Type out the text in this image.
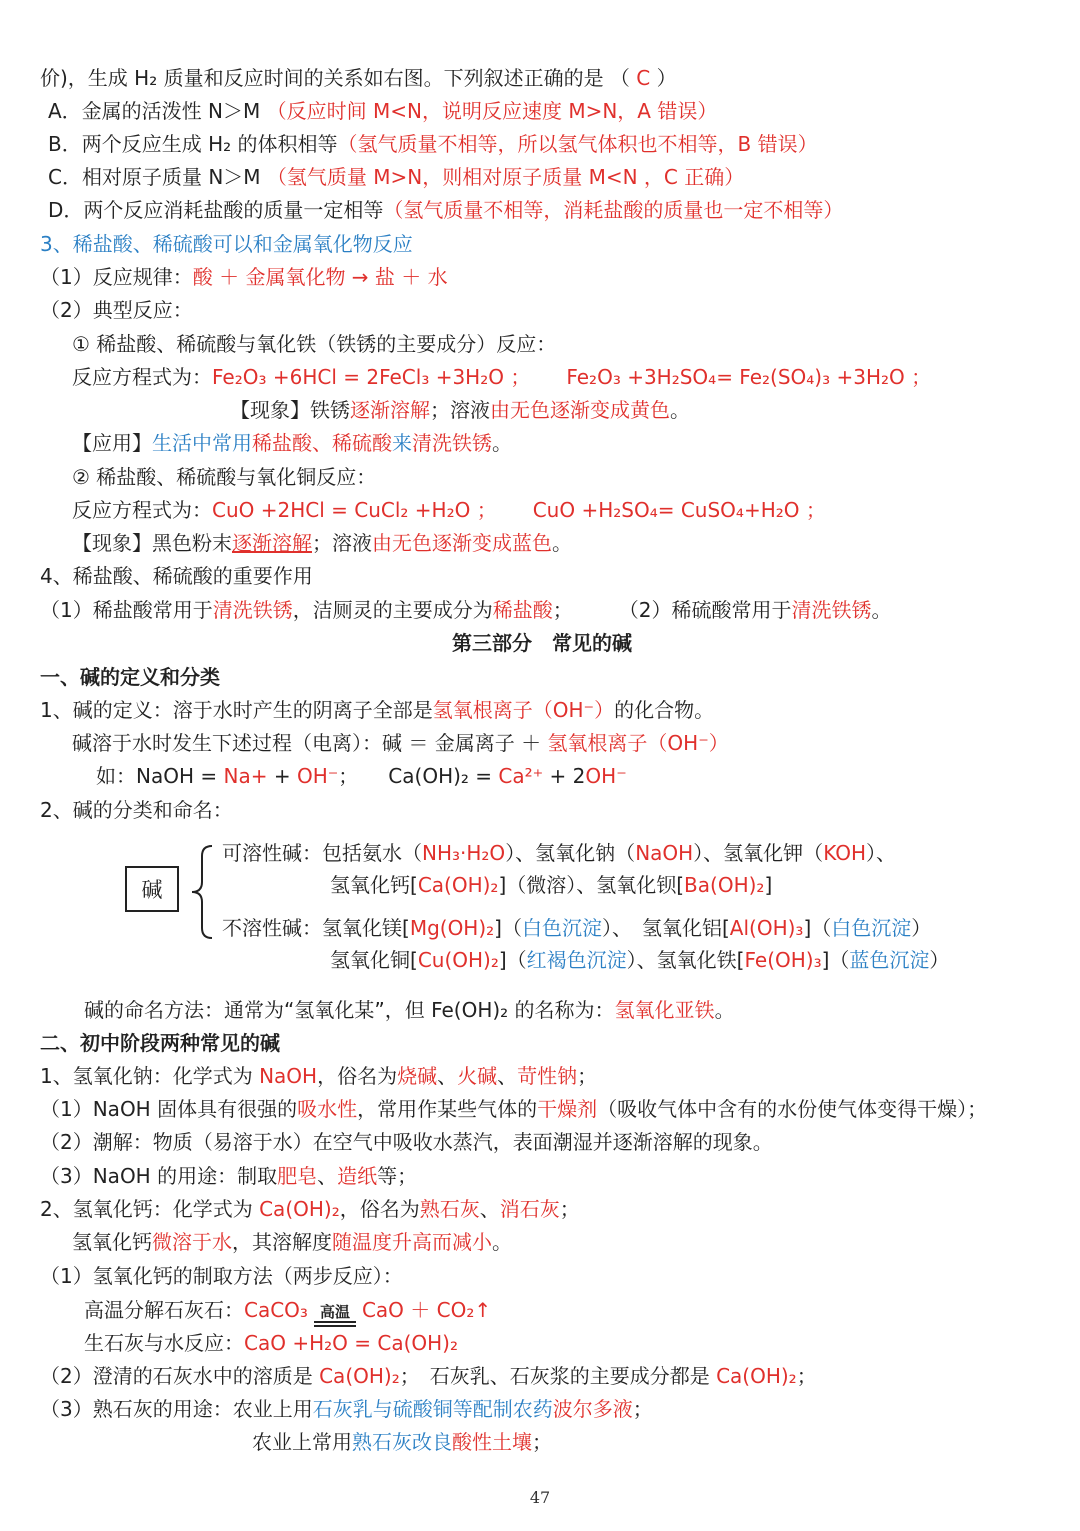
价)，生成 H₂ 质量和反应时间的关系如右图。下列叙述正确的是 （ C ）
A．金属的活泼性 N＞M （反应时间 M<N，说明反应速度 M>N，A 错误）
B．两个反应生成 H₂ 的体积相等（氢气质量不相等，所以氢气体积也不相等，B 错误）
C．相对原子质量 N＞M （氢气质量 M>N，则相对原子质量 M<N ，C 正确）
D．两个反应消耗盐酸的质量一定相等（氢气质量不相等，消耗盐酸的质量也一定不相等）
3、稀盐酸、稀硫酸可以和金属氧化物反应
（1）反应规律：酸 ＋ 金属氧化物 → 盐 ＋ 水
（2）典型反应：
① 稀盐酸、稀硫酸与氧化铁（铁锈的主要成分）反应：
反应方程式为：Fe₂O₃ +6HCl = 2FeCl₃ +3H₂O ； Fe₂O₃ +3H₂SO₄= Fe₂(SO₄)₃ +3H₂O ；
【现象】铁锈逐渐溶解；溶液由无色逐渐变成黄色。
【应用】生活中常用稀盐酸、稀硫酸来清洗铁锈。
② 稀盐酸、稀硫酸与氧化铜反应：
反应方程式为：CuO +2HCl = CuCl₂ +H₂O ； CuO +H₂SO₄= CuSO₄+H₂O ；
【现象】黑色粉末逐渐溶解；溶液由无色逐渐变成蓝色。
4、稀盐酸、稀硫酸的重要作用
（1）稀盐酸常用于清洗铁锈，洁厕灵的主要成分为稀盐酸； （2）稀硫酸常用于清洗铁锈。
第三部分　常见的碱
一、碱的定义和分类
1、碱的定义：溶于水时产生的阴离子全部是氢氧根离子（OH⁻）的化合物。
碱溶于水时发生下述过程（电离）：碱 ＝ 金属离子 ＋ 氢氧根离子（OH⁻）
如：NaOH = Na+ + OH⁻； Ca(OH)₂ = Ca²⁺ + 2OH⁻
2、碱的分类和命名：
碱
可溶性碱：包括氨水（NH₃·H₂O）、氢氧化钠（NaOH）、氢氧化钾（KOH）、
氢氧化钙[Ca(OH)₂]（微溶）、氢氧化钡[Ba(OH)₂]
不溶性碱：氢氧化镁[Mg(OH)₂]（白色沉淀）、　氢氧化铝[Al(OH)₃]（白色沉淀）
氢氧化铜[Cu(OH)₂]（红褐色沉淀）、氢氧化铁[Fe(OH)₃]（蓝色沉淀）
碱的命名方法：通常为“氢氧化某”，但 Fe(OH)₂ 的名称为：氢氧化亚铁。
二、初中阶段两种常见的碱
1、氢氧化钠：化学式为 NaOH，俗名为烧碱、火碱、苛性钠；
（1）NaOH 固体具有很强的吸水性，常用作某些气体的干燥剂（吸收气体中含有的水份使气体变得干燥）；
（2）潮解：物质（易溶于水）在空气中吸收水蒸汽，表面潮湿并逐渐溶解的现象。
（3）NaOH 的用途：制取肥皂、造纸等；
2、氢氧化钙：化学式为 Ca(OH)₂，俗名为熟石灰、消石灰；
氢氧化钙微溶于水，其溶解度随温度升高而减小。
（1）氢氧化钙的制取方法（两步反应）：
高温分解石灰石：CaCO₃ 高温 CaO ＋ CO₂↑
生石灰与水反应：CaO +H₂O = Ca(OH)₂
（2）澄清的石灰水中的溶质是 Ca(OH)₂；　石灰乳、石灰浆的主要成分都是 Ca(OH)₂；
（3）熟石灰的用途：农业上用石灰乳与硫酸铜等配制农药波尔多液；
农业上常用熟石灰改良酸性土壤；
47
